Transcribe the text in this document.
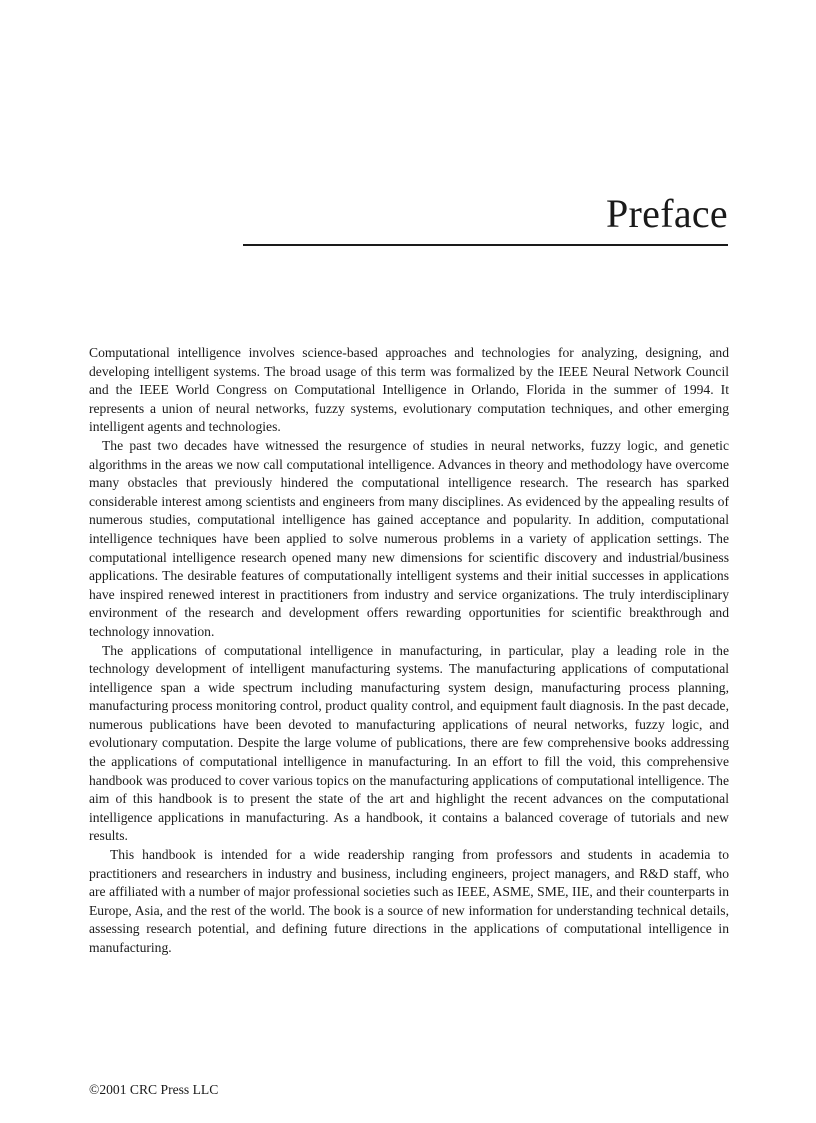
Preface

Computational intelligence involves science-based approaches and technologies for analyzing, designing, and developing intelligent systems. The broad usage of this term was formalized by the IEEE Neural Network Council and the IEEE World Congress on Computational Intelligence in Orlando, Florida in the summer of 1994. It represents a union of neural networks, fuzzy systems, evolutionary computation techniques, and other emerging intelligent agents and technologies.

The past two decades have witnessed the resurgence of studies in neural networks, fuzzy logic, and genetic algorithms in the areas we now call computational intelligence. Advances in theory and methodology have overcome many obstacles that previously hindered the computational intelligence research. The research has sparked considerable interest among scientists and engineers from many disciplines. As evidenced by the appealing results of numerous studies, computational intelligence has gained acceptance and popularity. In addition, computational intelligence techniques have been applied to solve numerous problems in a variety of application settings. The computational intelligence research opened many new dimensions for scientific discovery and industrial/business applications. The desirable features of computationally intelligent systems and their initial successes in applications have inspired renewed interest in practitioners from industry and service organizations. The truly interdisciplinary environment of the research and development offers rewarding opportunities for scientific breakthrough and technology innovation.

The applications of computational intelligence in manufacturing, in particular, play a leading role in the technology development of intelligent manufacturing systems. The manufacturing applications of computational intelligence span a wide spectrum including manufacturing system design, manufacturing process planning, manufacturing process monitoring control, product quality control, and equipment fault diagnosis. In the past decade, numerous publications have been devoted to manufacturing applications of neural networks, fuzzy logic, and evolutionary computation. Despite the large volume of publications, there are few comprehensive books addressing the applications of computational intelligence in manufacturing. In an effort to fill the void, this comprehensive handbook was produced to cover various topics on the manufacturing applications of computational intelligence. The aim of this handbook is to present the state of the art and highlight the recent advances on the computational intelligence applications in manufacturing. As a handbook, it contains a balanced coverage of tutorials and new results.

This handbook is intended for a wide readership ranging from professors and students in academia to practitioners and researchers in industry and business, including engineers, project managers, and R&D staff, who are affiliated with a number of major professional societies such as IEEE, ASME, SME, IIE, and their counterparts in Europe, Asia, and the rest of the world. The book is a source of new information for understanding technical details, assessing research potential, and defining future directions in the applications of computational intelligence in manufacturing.

©2001 CRC Press LLC
